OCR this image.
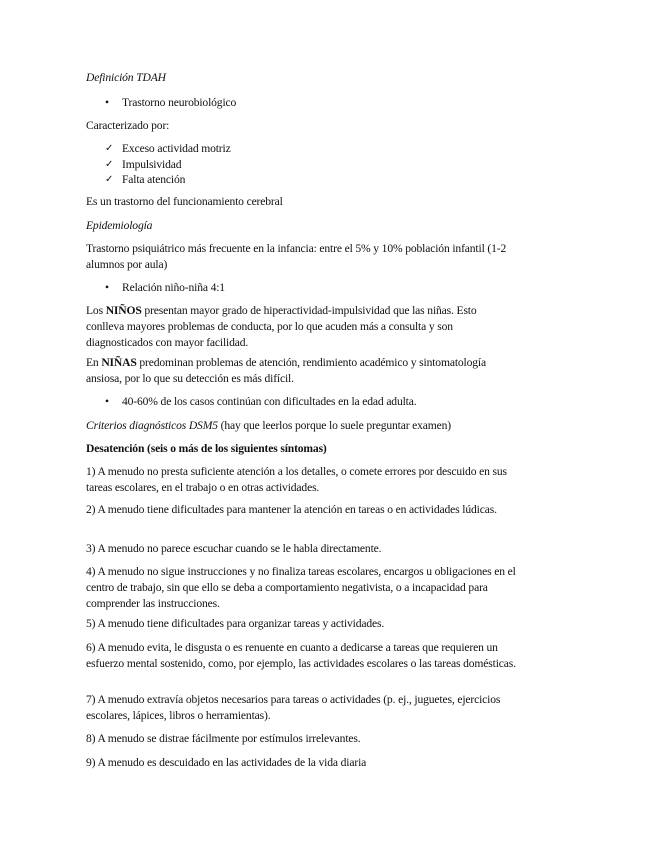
Definición TDAH

• Trastorno neurobiológico

Caracterizado por:

✓ Exceso actividad motriz

✓ Impulsividad

✓ Falta atención

Es un trastorno del funcionamiento cerebral

Epidemiología

Trastorno psiquiátrico más frecuente en la infancia: entre el 5% y 10% población infantil (1-2 alumnos por aula)

• Relación niño-niña 4:1

Los NIÑOS presentan mayor grado de hiperactividad-impulsividad que las niñas. Esto conlleva mayores problemas de conducta, por lo que acuden más a consulta y son diagnosticados con mayor facilidad.

En NIÑAS predominan problemas de atención, rendimiento académico y sintomatología ansiosa, por lo que su detección es más difícil.

• 40-60% de los casos continúan con dificultades en la edad adulta.

Criterios diagnósticos DSM5 (hay que leerlos porque lo suele preguntar examen)

Desatención (seis o más de los siguientes síntomas)

1) A menudo no presta suficiente atención a los detalles, o comete errores por descuido en sus tareas escolares, en el trabajo o en otras actividades.

2) A menudo tiene dificultades para mantener la atención en tareas o en actividades lúdicas.

3) A menudo no parece escuchar cuando se le habla directamente.

4) A menudo no sigue instrucciones y no finaliza tareas escolares, encargos u obligaciones en el centro de trabajo, sin que ello se deba a comportamiento negativista, o a incapacidad para comprender las instrucciones.

5) A menudo tiene dificultades para organizar tareas y actividades.

6) A menudo evita, le disgusta o es renuente en cuanto a dedicarse a tareas que requieren un esfuerzo mental sostenido, como, por ejemplo, las actividades escolares o las tareas domésticas.

7) A menudo extravía objetos necesarios para tareas o actividades (p. ej., juguetes, ejercicios escolares, lápices, libros o herramientas).

8) A menudo se distrae fácilmente por estímulos irrelevantes.

9) A menudo es descuidado en las actividades de la vida diaria
